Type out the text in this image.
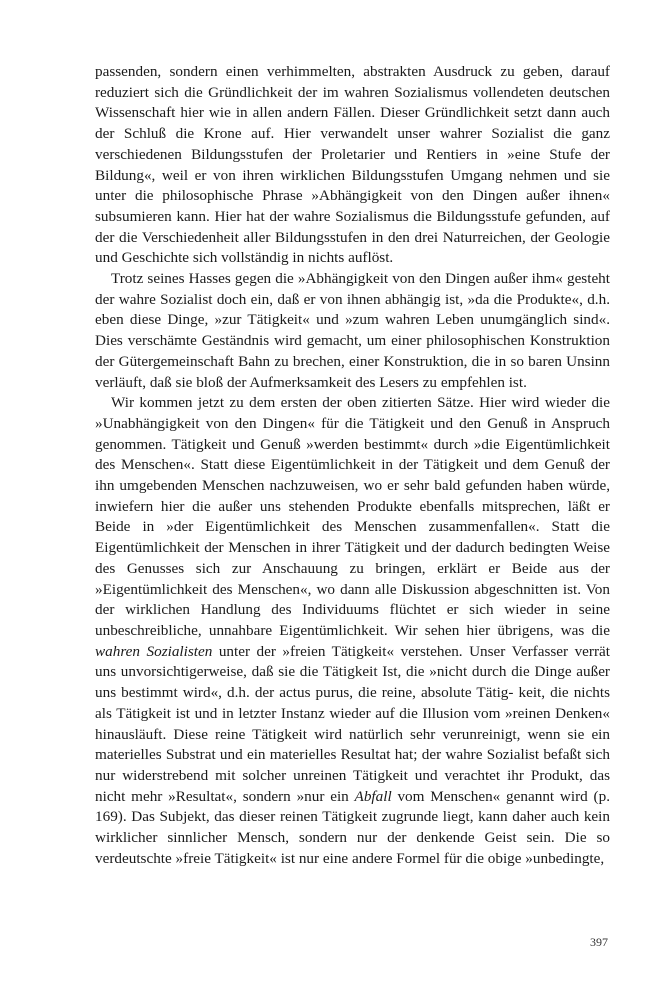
passenden, sondern einen verhimmelten, abstrakten Ausdruck zu geben, darauf reduziert sich die Gründlichkeit der im wahren Sozialismus vollendeten deutschen Wissenschaft hier wie in allen andern Fällen. Dieser Gründlichkeit setzt dann auch der Schluß die Krone auf. Hier verwandelt unser wahrer Sozialist die ganz verschiedenen Bildungsstufen der Proletarier und Rentiers in »eine Stufe der Bildung«, weil er von ihren wirklichen Bildungsstufen Umgang nehmen und sie unter die philosophische Phrase »Abhängigkeit von den Dingen außer ihnen« subsumieren kann. Hier hat der wahre Sozialismus die Bildungsstufe gefunden, auf der die Verschiedenheit aller Bildungsstufen in den drei Naturreichen, der Geologie und Geschichte sich vollständig in nichts auflöst.

Trotz seines Hasses gegen die »Abhängigkeit von den Dingen außer ihm« gesteht der wahre Sozialist doch ein, daß er von ihnen abhängig ist, »da die Produkte«, d.h. eben diese Dinge, »zur Tätigkeit« und »zum wahren Leben unumgänglich sind«. Dies verschämte Geständnis wird gemacht, um einer philosophischen Konstruktion der Gütergemeinschaft Bahn zu brechen, einer Konstruktion, die in so baren Unsinn verläuft, daß sie bloß der Aufmerksamkeit des Lesers zu empfehlen ist.

Wir kommen jetzt zu dem ersten der oben zitierten Sätze. Hier wird wieder die »Unabhängigkeit von den Dingen« für die Tätigkeit und den Genuß in Anspruch genommen. Tätigkeit und Genuß »werden bestimmt« durch »die Eigentümlichkeit des Menschen«. Statt diese Eigentümlichkeit in der Tätigkeit und dem Genuß der ihn umgebenden Menschen nachzuweisen, wo er sehr bald gefunden haben würde, inwiefern hier die außer uns stehenden Produkte ebenfalls mitsprechen, läßt er Beide in »der Eigentümlichkeit des Menschen zusammenfallen«. Statt die Eigentümlichkeit der Menschen in ihrer Tätigkeit und der dadurch bedingten Weise des Genusses sich zur Anschauung zu bringen, erklärt er Beide aus der »Eigentümlichkeit des Menschen«, wo dann alle Diskussion abgeschnitten ist. Von der wirklichen Handlung des Individuums flüchtet er sich wieder in seine unbeschreibliche, unnahbare Eigentümlichkeit. Wir sehen hier übrigens, was die wahren Sozialisten unter der »freien Tätigkeit« verstehen. Unser Verfasser verrät uns unvorsichtigerweise, daß sie die Tätigkeit Ist, die »nicht durch die Dinge außer uns bestimmt wird«, d.h. der actus purus, die reine, absolute Tätig- keit, die nichts als Tätigkeit ist und in letzter Instanz wieder auf die Illusion vom »reinen Denken« hinausläuft. Diese reine Tätigkeit wird natürlich sehr verunreinigt, wenn sie ein materielles Substrat und ein materielles Resultat hat; der wahre Sozialist befaßt sich nur widerstrebend mit solcher unreinen Tätigkeit und verachtet ihr Produkt, das nicht mehr »Resultat«, sondern »nur ein Abfall vom Menschen« genannt wird (p. 169). Das Subjekt, das dieser reinen Tätigkeit zugrunde liegt, kann daher auch kein wirklicher sinnlicher Mensch, sondern nur der denkende Geist sein. Die so verdeutschte »freie Tätigkeit« ist nur eine andere Formel für die obige »unbedingte,

397
